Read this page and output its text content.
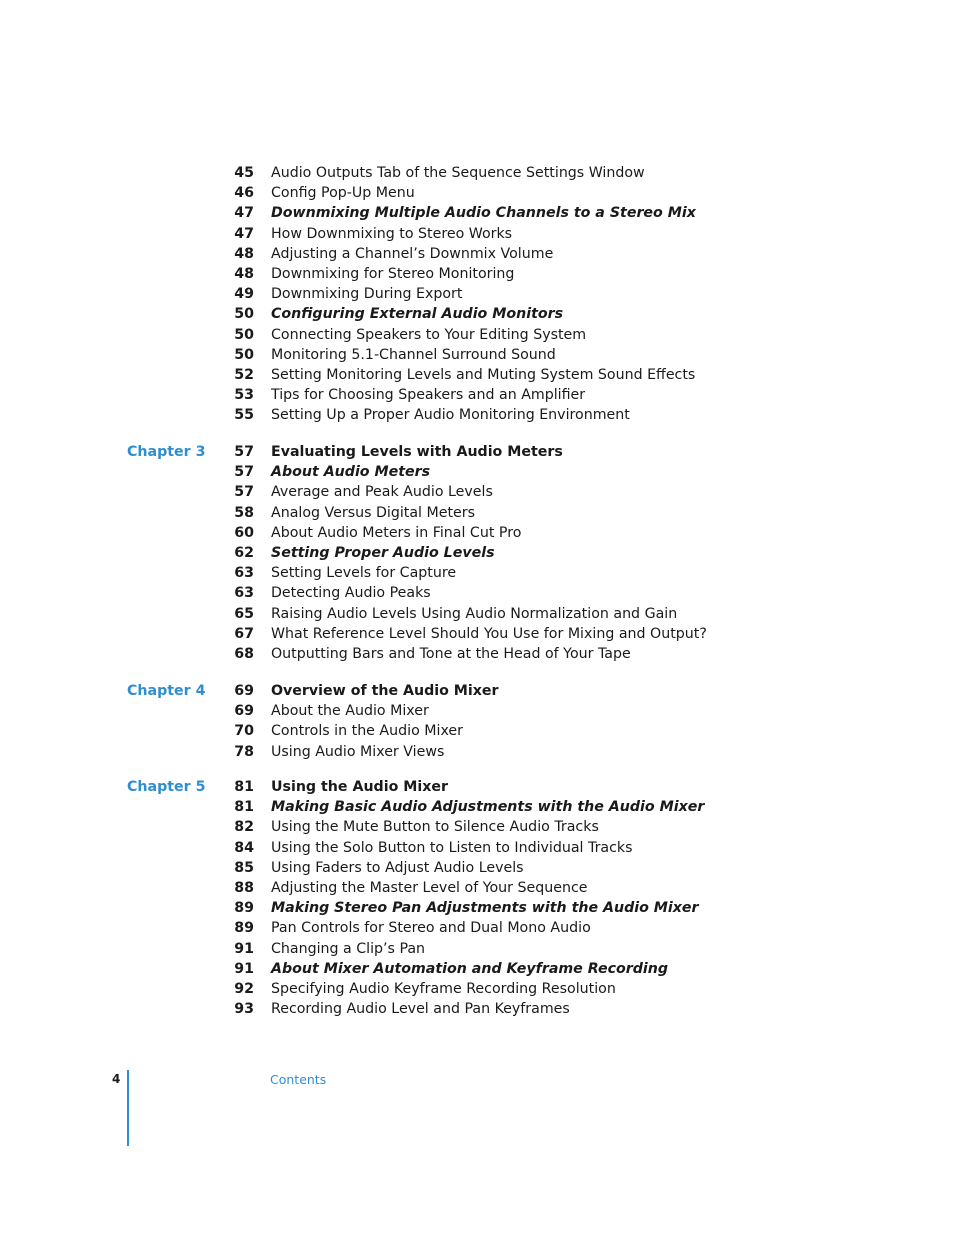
45 Audio Outputs Tab of the Sequence Settings Window
46 Config Pop-Up Menu
47 Downmixing Multiple Audio Channels to a Stereo Mix
47 How Downmixing to Stereo Works
48 Adjusting a Channel’s Downmix Volume
48 Downmixing for Stereo Monitoring
49 Downmixing During Export
50 Configuring External Audio Monitors
50 Connecting Speakers to Your Editing System
50 Monitoring 5.1-Channel Surround Sound
52 Setting Monitoring Levels and Muting System Sound Effects
53 Tips for Choosing Speakers and an Amplifier
55 Setting Up a Proper Audio Monitoring Environment
Chapter 3	57 Evaluating Levels with Audio Meters
57 About Audio Meters
57 Average and Peak Audio Levels
58 Analog Versus Digital Meters
60 About Audio Meters in Final Cut Pro
62 Setting Proper Audio Levels
63 Setting Levels for Capture
63 Detecting Audio Peaks
65 Raising Audio Levels Using Audio Normalization and Gain
67 What Reference Level Should You Use for Mixing and Output?
68 Outputting Bars and Tone at the Head of Your Tape
Chapter 4	69 Overview of the Audio Mixer
69 About the Audio Mixer
70 Controls in the Audio Mixer
78 Using Audio Mixer Views
Chapter 5	81 Using the Audio Mixer
81 Making Basic Audio Adjustments with the Audio Mixer
82 Using the Mute Button to Silence Audio Tracks
84 Using the Solo Button to Listen to Individual Tracks
85 Using Faders to Adjust Audio Levels
88 Adjusting the Master Level of Your Sequence
89 Making Stereo Pan Adjustments with the Audio Mixer
89 Pan Controls for Stereo and Dual Mono Audio
91 Changing a Clip’s Pan
91 About Mixer Automation and Keyframe Recording
92 Specifying Audio Keyframe Recording Resolution
93 Recording Audio Level and Pan Keyframes
4	Contents
